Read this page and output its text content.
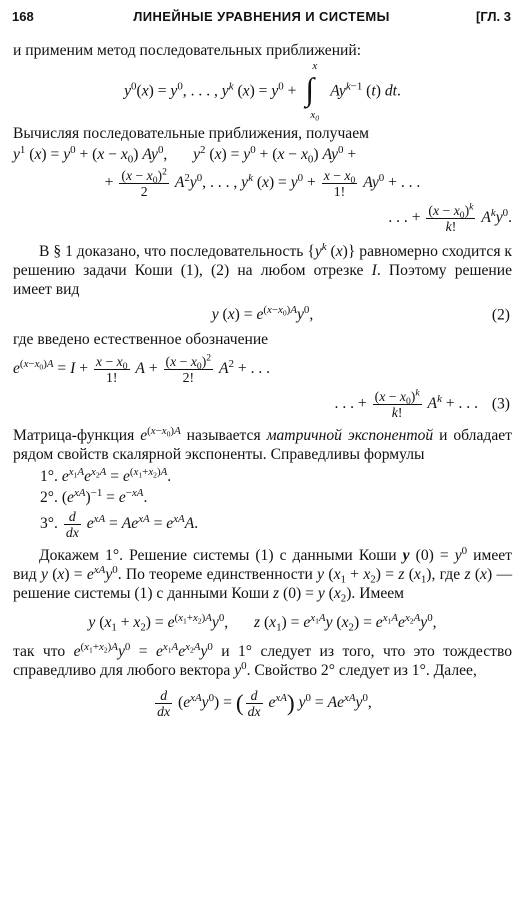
168	ЛИНЕЙНЫЕ УРАВНЕНИЯ И СИСТЕМЫ	[ГЛ. 3

и применим метод последовательных приближений:

$y^0(x) = y^0$, . . . , $y^k$ $(x) = y^0$ + ∫
x
$x_0$
$Ay^{k-1}$ (t) dt.

Вычисляя последовательные приближения, получаем

$y^1$ $(x) = y^0 + (x - x_0)$ Ay$^0$,  $y^2$ $(x) = y^0 + (x - x_0) Ay^0$ +
+ $\frac{(x - x_0)^2}{2} A^2y^0$, . . . , $y^k$ $(x) = y^0 + \frac{x - x_0}{1!} Ay^0$ + . . .
. . . + $\frac{(x - x_0)^k}{k!} A^ky^0$.

В § 1 доказано, что последовательность {$y^k$ (x)} равномерно сходится к решению задачи Коши (1), (2) на любом отрезке I. Поэтому решение имеет вид

y $(x) = e^{(x-x_0)A}y^0$,	(2)

где введено естественное обозначение

$e^{(x-x_0)A} = I + \frac{x - x_0}{1!}$ $A + \frac{(x - x_0)^2}{2!} A^2$ + . . .
. . . + $\frac{(x - x_0)^k}{k!} A^k$ + . . . (3)

Матрица-функция $e^{(x-x_0)A}$ называется матричной экспонентой и обладает рядом свойств скалярной экспоненты. Справедливы формулы

1°. $e^{x_1A}e^{x_2A} = e^{(x_1+x_2)A}$.
2°. $(e^{xA})^{-1} = e^{-xA}$.
3°. $\frac{d}{dx} e^{xA} = Ae^{xA} = e^{xA}A$.

Докажем 1°. Решение системы (1) с данными Коши y $(0) = y^0$ имеет вид y $(x) = e^{xA}y^0$. По теореме единственности y $(x_1 + x_2) = z$ $(x_1)$, где z (x) — решение системы (1) с данными Коши z (0) = y $(x_2)$. Имеем

y $(x_1 + x_2) = e^{(x_1+x_2)A}y^0$,  z $(x_1) = e^{x_1A}y$ $(x_2) = e^{x_1A}e^{x_2A}y^0$,

так что $e^{(x_1+x_2)A}y^0 = e^{x_1A}e^{x_2A}y^0$ и 1° следует из того, что это тождество справедливо для любого вектора $y^0$. Свойство 2° следует из 1°. Далее,

$\frac{d}{dx} (e^{xA}y^0)$ = ( $\frac{d}{dx} e^{xA}$) $y^0 = Ae^{xA}y^0$,
